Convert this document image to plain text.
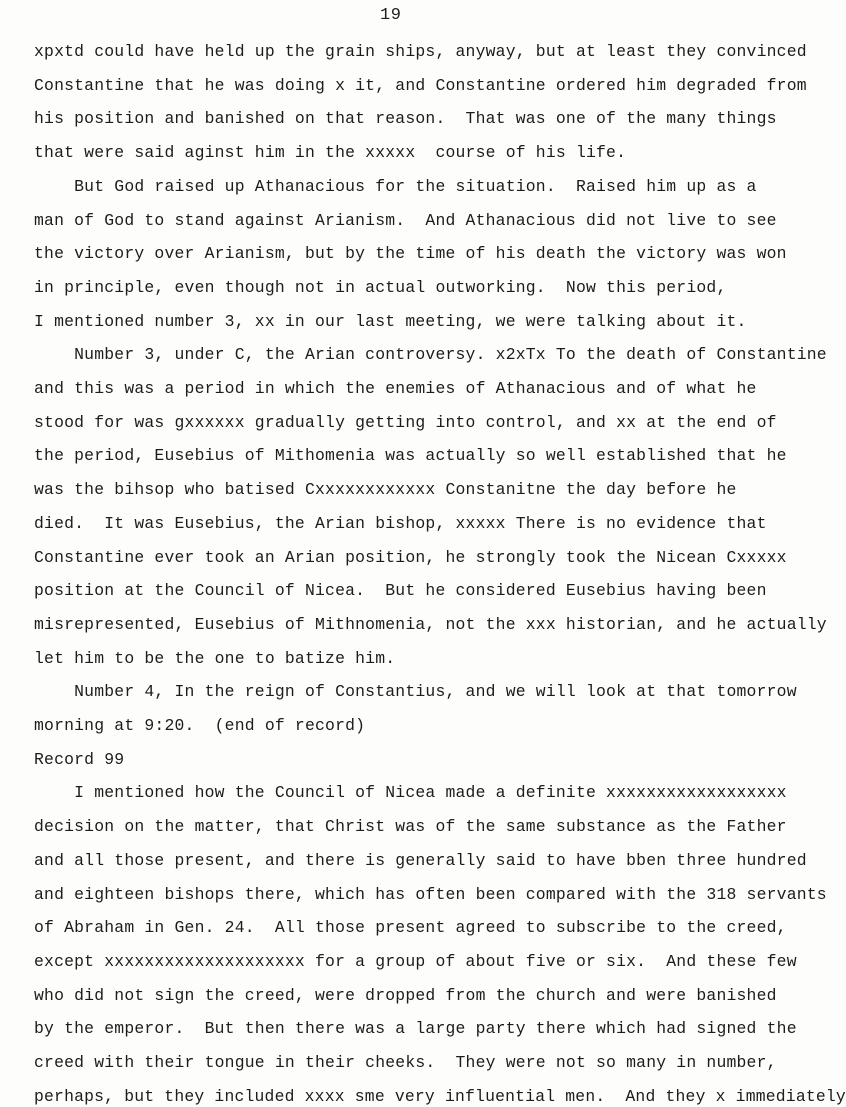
19
xpxtd could have held up the grain ships, anyway, but at least they convinced
Constantine that he was doing x it, and Constantine ordered him degraded from
his position and banished on that reason.  That was one of the many things
that were said aginst him in the xxxxx  course of his life.
But God raised up Athanacious for the situation.  Raised him up as a
man of God to stand against Arianism.  And Athanacious did not live to see
the victory over Arianism, but by the time of his death the victory was won
in principle, even though not in actual outworking.  Now this period,
I mentioned number 3, xx in our last meeting, we were talking about it.
Number 3, under C, the Arian controversy. x2xTx To the death of Constantine
and this was a period in which the enemies of Athanacious and of what he
stood for was gxxxxxx gradually getting into control, and xx at the end of
the period, Eusebius of Mithomenia was actually so well established that he
was the bihsop who batised Cxxxxxxxxxxxx Constanitne the day before he
died.  It was Eusebius, the Arian bishop, xxxxx There is no evidence that
Constantine ever took an Arian position, he strongly took the Nicean Cxxxxx
position at the Council of Nicea.  But he considered Eusebius having been
misrepresented, Eusebius of Mithnomenia, not the xxx historian, and he actually
let him to be the one to batize him.
Number 4, In the reign of Constantius, and we will look at that tomorrow
morning at 9:20.  (end of record)
Record 99
I mentioned how the Council of Nicea made a definite xxxxxxxxxxxxxxxxxx
decision on the matter, that Christ was of the same substance as the Father
and all those present, and there is generally said to have bben three hundred
and eighteen bishops there, which has often been compared with the 318 servants
of Abraham in Gen. 24.  All those present agreed to subscribe to the creed,
except xxxxxxxxxxxxxxxxxxxx for a group of about five or six.  And these few
who did not sign the creed, were dropped from the church and were banished
by the emperor.  But then there was a large party there which had signed the
creed with their tongue in their cheeks.  They were not so many in number,
perhaps, but they included xxxx sme very influential men.  And they x immediately
